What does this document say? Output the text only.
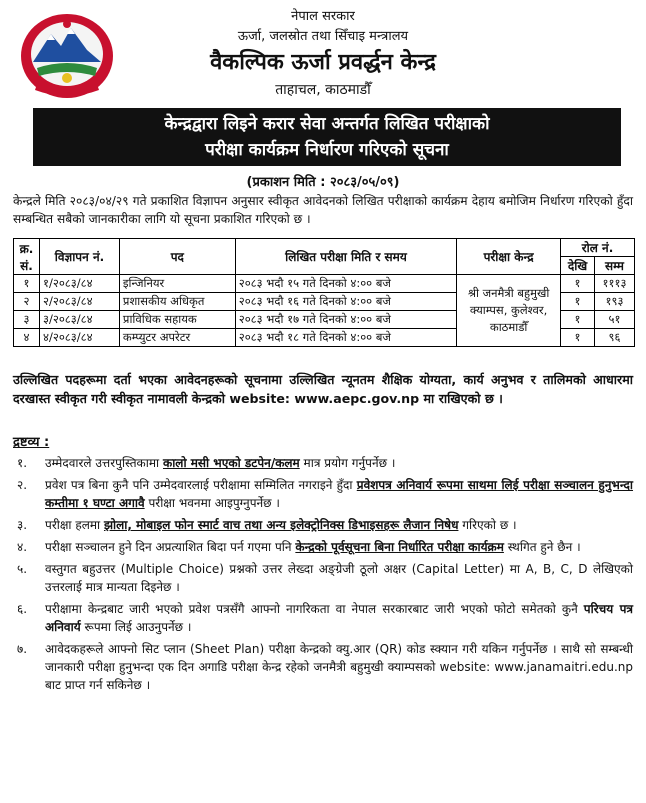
नेपाल सरकार
ऊर्जा, जलस्रोत तथा सिँचाइ मन्त्रालय
वैकल्पिक ऊर्जा प्रवर्द्धन केन्द्र
ताहाचल, काठमाडौँ
केन्द्रद्वारा लिइने करार सेवा अन्तर्गत लिखित परीक्षाको
परीक्षा कार्यक्रम निर्धारण गरिएको सूचना
(प्रकाशन मिति : २०८३/०५/०९)
केन्द्रले मिति २०८३/०४/२९ गते प्रकाशित विज्ञापन अनुसार स्वीकृत आवेदनको लिखित परीक्षाको कार्यक्रम देहाय बमोजिम निर्धारण गरिएको हुँदा सम्बन्धित सबैको जानकारीका लागि यो सूचना प्रकाशित गरिएको छ ।
क्र. सं.	विज्ञापन नं.	पद	लिखित परीक्षा मिति र समय	परीक्षा केन्द्र	रोल नं.	
					देखि	सम्म
१	१/२०८३/८४	इन्जिनियर	२०८३ भदौ १५ गते दिनको ४:०० बजे	श्री जनमैत्री बहुमुखी क्याम्पस, कुलेश्वर, काठमाडौँ	१	१११३
२	२/२०८३/८४	प्रशासकीय अधिकृत	२०८३ भदौ १६ गते दिनको ४:०० बजे		१	१९३
३	३/२०८३/८४	प्राविधिक सहायक	२०८३ भदौ १७ गते दिनको ४:०० बजे		१	५१
४	४/२०८३/८४	कम्प्युटर अपरेटर	२०८३ भदौ १८ गते दिनको ४:०० बजे		१	९६
उल्लिखित पदहरूमा दर्ता भएका आवेदनहरूको सूचनामा उल्लिखित न्यूनतम शैक्षिक योग्यता, कार्य अनुभव र तालिमको आधारमा दरखास्त स्वीकृत गरी स्वीकृत नामावली केन्द्रको website: www.aepc.gov.np मा राखिएको छ ।
द्रष्टव्य :
१.	उम्मेदवारले उत्तरपुस्तिकामा कालो मसी भएको डटपेन/कलम मात्र प्रयोग गर्नुपर्नेछ ।
२.	प्रवेश पत्र बिना कुनै पनि उम्मेदवारलाई परीक्षामा सम्मिलित नगराइने हुँदा प्रवेशपत्र अनिवार्य रूपमा साथमा लिई परीक्षा सञ्चालन हुनुभन्दा कम्तीमा १ घण्टा अगावै परीक्षा भवनमा आइपुग्नुपर्नेछ ।
३.	परीक्षा हलमा झोला, मोबाइल फोन स्मार्ट वाच तथा अन्य इलेक्ट्रोनिक्स डिभाइसहरू लैजान निषेध गरिएको छ ।
४.	परीक्षा सञ्चालन हुने दिन अप्रत्याशित बिदा पर्न गएमा पनि केन्द्रको पूर्वसूचना बिना निर्धारित परीक्षा कार्यक्रम स्थगित हुने छैन ।
५.	वस्तुगत बहुउत्तर (Multiple Choice) प्रश्नको उत्तर लेख्दा अङ्ग्रेजी ठूलो अक्षर (Capital Letter) मा A, B, C, D लेखिएको उत्तरलाई मात्र मान्यता दिइनेछ ।
६.	परीक्षामा केन्द्रबाट जारी भएको प्रवेश पत्रसँगै आफ्नो नागरिकता वा नेपाल सरकारबाट जारी भएको फोटो समेतको कुनै परिचय पत्र अनिवार्य रूपमा लिई आउनुपर्नेछ ।
७.	आवेदकहरूले आफ्नो सिट प्लान (Sheet Plan) परीक्षा केन्द्रको क्यु.आर (QR) कोड स्क्यान गरी यकिन गर्नुपर्नेछ । साथै सो सम्बन्धी जानकारी परीक्षा हुनुभन्दा एक दिन अगाडि परीक्षा केन्द्र रहेको जनमैत्री बहुमुखी क्याम्पसको website: www.janamaitri.edu.np बाट प्राप्त गर्न सकिनेछ ।
